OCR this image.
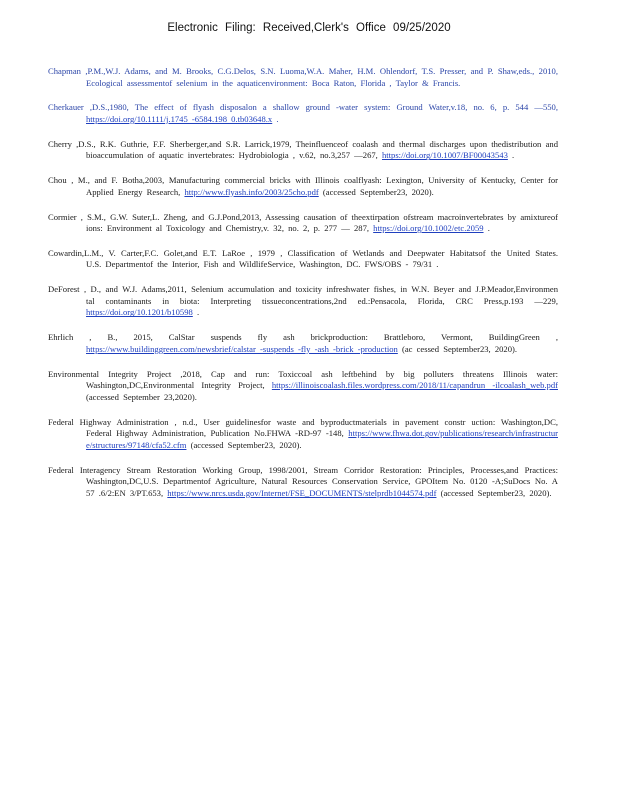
Electronic Filing: Received,Clerk's Office 09/25/2020

Chapman ,P.M.,W.J. Adams, and M. Brooks, C.G.Delos, S.N. Luoma,W.A. Maher, H.M. Ohlendorf, T.S. Presser, and P. Shaw,eds., 2010, Ecological assessmentof selenium in the aquaticenvironment: Boca Raton, Florida , Taylor & Francis.

Cherkauer ,D.S.,1980, The effect of flyash disposalon a shallow ground -water system: Ground Water,v.18, no. 6, p. 544 —550, https://doi.org/10.1111/j.1745 -6584.198 0.tb03648.x .

Cherry ,D.S., R.K. Guthrie, F.F. Sherberger,and S.R. Larrick,1979, Theinfluenceof coalash and thermal discharges upon thedistribution and bioaccumulation of aquatic invertebrates: Hydrobiologia , v.62, no.3,257 —267, https://doi.org/10.1007/BF00043543 .

Chou , M., and F. Botha,2003, Manufacturing commercial bricks with Illinois coalflyash: Lexington, University of Kentucky, Center for Applied Energy Research, http://www.flyash.info/2003/25cho.pdf (accessed September23, 2020).

Cormier , S.M., G.W. Suter,L. Zheng, and G.J.Pond,2013, Assessing causation of theextirpation ofstream macroinvertebrates by amixtureof ions: Environment al Toxicology and Chemistry,v. 32, no. 2, p. 277 — 287, https://doi.org/10.1002/etc.2059 .

Cowardin,L.M., V. Carter,F.C. Golet,and E.T. LaRoe , 1979 , Classification of Wetlands and Deepwater Habitatsof the United States. U.S. Departmentof the Interior, Fish and WildlifeService, Washington, DC. FWS/OBS - 79/31 .

DeForest , D., and W.J. Adams,2011, Selenium accumulation and toxicity infreshwater fishes, in W.N. Beyer and J.P.Meador,Environmen tal contaminants in biota: Interpreting tissueconcentrations,2nd ed.:Pensacola, Florida, CRC Press,p.193 —229, https://doi.org/10.1201/b10598 .

Ehrlich , B., 2015, CalStar suspends fly ash brickproduction: Brattleboro, Vermont, BuildingGreen , https://www.buildinggreen.com/newsbrief/calstar -suspends -fly -ash -brick -production (ac cessed September23, 2020).

Environmental Integrity Project ,2018, Cap and run: Toxiccoal ash leftbehind by big polluters threatens Illinois water: Washington,DC,Environmental Integrity Project, https://illinoiscoalash.files.wordpress.com/2018/11/capandrun -ilcoalash_web.pdf (accessed September 23,2020).

Federal Highway Administration , n.d., User guidelinesfor waste and byproductmaterials in pavement constr uction: Washington,DC, Federal Highway Administration, Publication No.FHWA -RD-97 -148, https://www.fhwa.dot.gov/publications/research/infrastructur e/structures/97148/cfa52.cfm (accessed September23, 2020).

Federal Interagency Stream Restoration Working Group, 1998/2001, Stream Corridor Restoration: Principles, Processes,and Practices: Washington,DC,U.S. Departmentof Agriculture, Natural Resources Conservation Service, GPOItem No. 0120 -A;SuDocs No. A 57 .6/2:EN 3/PT.653, https://www.nrcs.usda.gov/Internet/FSE_DOCUMENTS/stelprdb1044574.pdf (accessed September23, 2020).
